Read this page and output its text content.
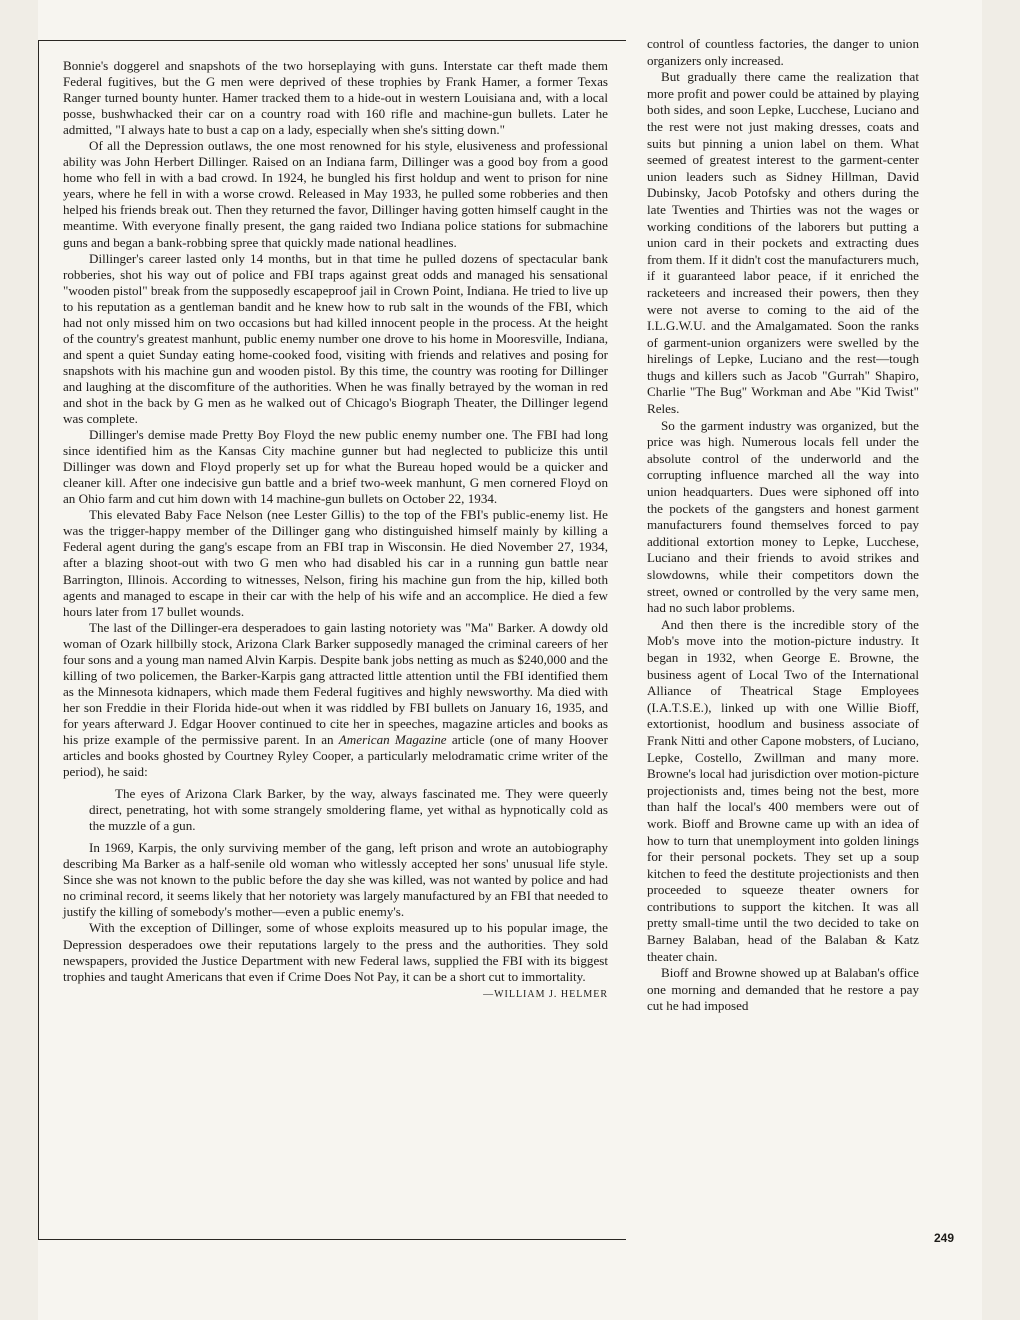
Bonnie's doggerel and snapshots of the two horseplaying with guns. Interstate car theft made them Federal fugitives, but the G men were deprived of these trophies by Frank Hamer, a former Texas Ranger turned bounty hunter. Hamer tracked them to a hide-out in western Louisiana and, with a local posse, bushwhacked their car on a country road with 160 rifle and machine-gun bullets. Later he admitted, "I always hate to bust a cap on a lady, especially when she's sitting down."

Of all the Depression outlaws, the one most renowned for his style, elusiveness and professional ability was John Herbert Dillinger. Raised on an Indiana farm, Dillinger was a good boy from a good home who fell in with a bad crowd. In 1924, he bungled his first holdup and went to prison for nine years, where he fell in with a worse crowd. Released in May 1933, he pulled some robberies and then helped his friends break out. Then they returned the favor, Dillinger having gotten himself caught in the meantime. With everyone finally present, the gang raided two Indiana police stations for submachine guns and began a bank-robbing spree that quickly made national headlines.

Dillinger's career lasted only 14 months, but in that time he pulled dozens of spectacular bank robberies, shot his way out of police and FBI traps against great odds and managed his sensational "wooden pistol" break from the supposedly escapeproof jail in Crown Point, Indiana. He tried to live up to his reputation as a gentleman bandit and he knew how to rub salt in the wounds of the FBI, which had not only missed him on two occasions but had killed innocent people in the process. At the height of the country's greatest manhunt, public enemy number one drove to his home in Mooresville, Indiana, and spent a quiet Sunday eating home-cooked food, visiting with friends and relatives and posing for snapshots with his machine gun and wooden pistol. By this time, the country was rooting for Dillinger and laughing at the discomfiture of the authorities. When he was finally betrayed by the woman in red and shot in the back by G men as he walked out of Chicago's Biograph Theater, the Dillinger legend was complete.

Dillinger's demise made Pretty Boy Floyd the new public enemy number one. The FBI had long since identified him as the Kansas City machine gunner but had neglected to publicize this until Dillinger was down and Floyd properly set up for what the Bureau hoped would be a quicker and cleaner kill. After one indecisive gun battle and a brief two-week manhunt, G men cornered Floyd on an Ohio farm and cut him down with 14 machine-gun bullets on October 22, 1934.

This elevated Baby Face Nelson (nee Lester Gillis) to the top of the FBI's public-enemy list. He was the trigger-happy member of the Dillinger gang who distinguished himself mainly by killing a Federal agent during the gang's escape from an FBI trap in Wisconsin. He died November 27, 1934, after a blazing shoot-out with two G men who had disabled his car in a running gun battle near Barrington, Illinois. According to witnesses, Nelson, firing his machine gun from the hip, killed both agents and managed to escape in their car with the help of his wife and an accomplice. He died a few hours later from 17 bullet wounds.

The last of the Dillinger-era desperadoes to gain lasting notoriety was "Ma" Barker. A dowdy old woman of Ozark hillbilly stock, Arizona Clark Barker supposedly managed the criminal careers of her four sons and a young man named Alvin Karpis. Despite bank jobs netting as much as $240,000 and the killing of two policemen, the Barker-Karpis gang attracted little attention until the FBI identified them as the Minnesota kidnapers, which made them Federal fugitives and highly newsworthy. Ma died with her son Freddie in their Florida hide-out when it was riddled by FBI bullets on January 16, 1935, and for years afterward J. Edgar Hoover continued to cite her in speeches, magazine articles and books as his prize example of the permissive parent. In an American Magazine article (one of many Hoover articles and books ghosted by Courtney Ryley Cooper, a particularly melodramatic crime writer of the period), he said:

The eyes of Arizona Clark Barker, by the way, always fascinated me. They were queerly direct, penetrating, hot with some strangely smoldering flame, yet withal as hypnotically cold as the muzzle of a gun.

In 1969, Karpis, the only surviving member of the gang, left prison and wrote an autobiography describing Ma Barker as a half-senile old woman who witlessly accepted her sons' unusual life style. Since she was not known to the public before the day she was killed, was not wanted by police and had no criminal record, it seems likely that her notoriety was largely manufactured by an FBI that needed to justify the killing of somebody's mother—even a public enemy's.

With the exception of Dillinger, some of whose exploits measured up to his popular image, the Depression desperadoes owe their reputations largely to the press and the authorities. They sold newspapers, provided the Justice Department with new Federal laws, supplied the FBI with its biggest trophies and taught Americans that even if Crime Does Not Pay, it can be a short cut to immortality.

—WILLIAM J. HELMER

control of countless factories, the danger to union organizers only increased.

But gradually there came the realization that more profit and power could be attained by playing both sides, and soon Lepke, Lucchese, Luciano and the rest were not just making dresses, coats and suits but pinning a union label on them. What seemed of greatest interest to the garment-center union leaders such as Sidney Hillman, David Dubinsky, Jacob Potofsky and others during the late Twenties and Thirties was not the wages or working conditions of the laborers but putting a union card in their pockets and extracting dues from them. If it didn't cost the manufacturers much, if it guaranteed labor peace, if it enriched the racketeers and increased their powers, then they were not averse to coming to the aid of the I.L.G.W.U. and the Amalgamated. Soon the ranks of garment-union organizers were swelled by the hirelings of Lepke, Luciano and the rest—tough thugs and killers such as Jacob "Gurrah" Shapiro, Charlie "The Bug" Workman and Abe "Kid Twist" Reles.

So the garment industry was organized, but the price was high. Numerous locals fell under the absolute control of the underworld and the corrupting influence marched all the way into union headquarters. Dues were siphoned off into the pockets of the gangsters and honest garment manufacturers found themselves forced to pay additional extortion money to Lepke, Lucchese, Luciano and their friends to avoid strikes and slowdowns, while their competitors down the street, owned or controlled by the very same men, had no such labor problems.

And then there is the incredible story of the Mob's move into the motion-picture industry. It began in 1932, when George E. Browne, the business agent of Local Two of the International Alliance of Theatrical Stage Employees (I.A.T.S.E.), linked up with one Willie Bioff, extortionist, hoodlum and business associate of Frank Nitti and other Capone mobsters, of Luciano, Lepke, Costello, Zwillman and many more. Browne's local had jurisdiction over motion-picture projectionists and, times being not the best, more than half the local's 400 members were out of work. Bioff and Browne came up with an idea of how to turn that unemployment into golden linings for their personal pockets. They set up a soup kitchen to feed the destitute projectionists and then proceeded to squeeze theater owners for contributions to support the kitchen. It was all pretty small-time until the two decided to take on Barney Balaban, head of the Balaban & Katz theater chain.

Bioff and Browne showed up at Balaban's office one morning and demanded that he restore a pay cut he had imposed

249
